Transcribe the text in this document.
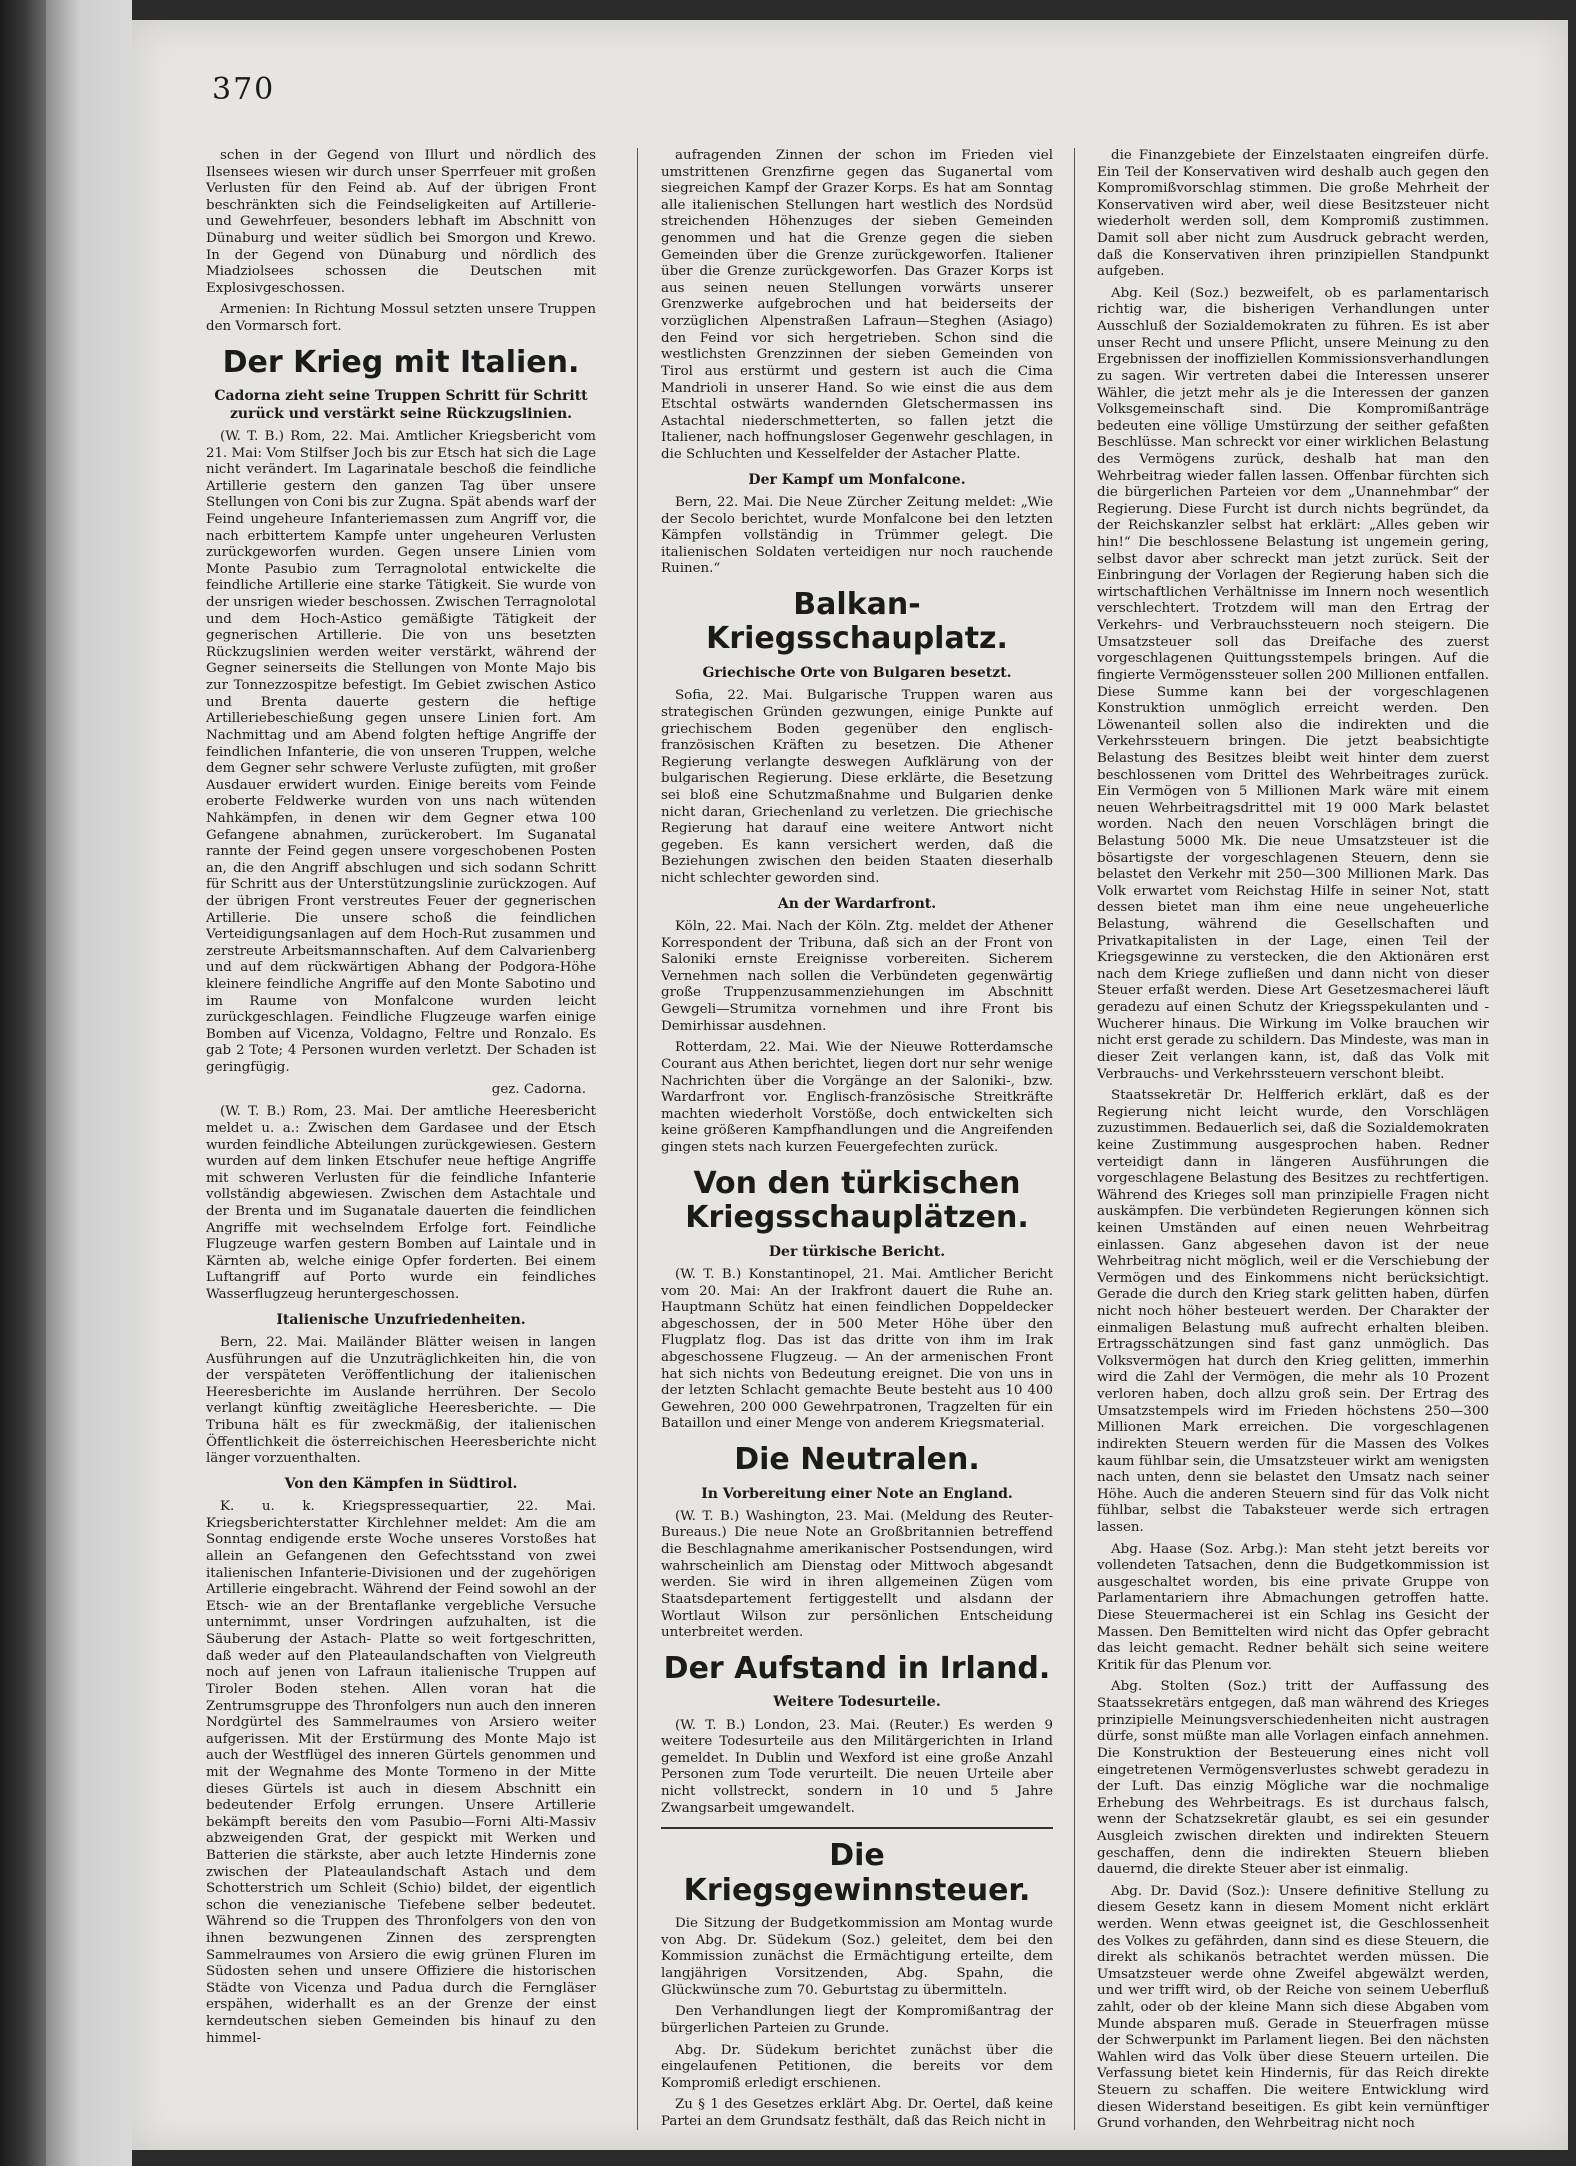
370

schen in der Gegend von Illurt und nördlich des Ilsensees wiesen wir durch unser Sperrfeuer mit großen Verlusten für den Feind ab. Auf der übrigen Front beschränkten sich die Feindseligkeiten auf Artillerie- und Gewehrfeuer, besonders lebhaft im Abschnitt von Dünaburg und weiter südlich bei Smorgon und Krewo. In der Gegend von Dünaburg und nördlich des Miadziolsees schossen die Deutschen mit Explosivgeschossen.

Armenien: In Richtung Mossul setzten unsere Truppen den Vormarsch fort.

Der Krieg mit Italien.
Cadorna zieht seine Truppen Schritt für Schritt zurück und verstärkt seine Rückzugslinien.

(W. T. B.) Rom, 22. Mai. Amtlicher Kriegsbericht vom 21. Mai: Vom Stilfser Joch bis zur Etsch hat sich die Lage nicht verändert. Im Lagarinatale beschoß die feindliche Artillerie gestern den ganzen Tag über unsere Stellungen von Coni bis zur Zugna. Spät abends warf der Feind ungeheure Infanteriemassen zum Angriff vor, die nach erbittertem Kampfe unter ungeheuren Verlusten zurückgeworfen wurden. Gegen unsere Linien vom Monte Pasubio zum Terragnolotal entwickelte die feindliche Artillerie eine starke Tätigkeit. Sie wurde von der unsrigen wieder beschossen. Zwischen Terragnolotal und dem Hoch-Astico gemäßigte Tätigkeit der gegnerischen Artillerie. Die von uns besetzten Rückzugslinien werden weiter verstärkt, während der Gegner seinerseits die Stellungen von Monte Majo bis zur Tonnezzospitze befestigt. Im Gebiet zwischen Astico und Brenta dauerte gestern die heftige Artilleriebeschießung gegen unsere Linien fort. Am Nachmittag und am Abend folgten heftige Angriffe der feindlichen Infanterie, die von unseren Truppen, welche dem Gegner sehr schwere Verluste zufügten, mit großer Ausdauer erwidert wurden. Einige bereits vom Feinde eroberte Feldwerke wurden von uns nach wütenden Nahkämpfen, in denen wir dem Gegner etwa 100 Gefangene abnahmen, zurückerobert. Im Suganatal rannte der Feind gegen unsere vorgeschobenen Posten an, die den Angriff abschlugen und sich sodann Schritt für Schritt aus der Unterstützungslinie zurückzogen. Auf der übrigen Front verstreutes Feuer der gegnerischen Artillerie. Die unsere schoß die feindlichen Verteidigungsanlagen auf dem Hoch-Rut zusammen und zerstreute Arbeitsmannschaften. Auf dem Calvarienberg und auf dem rückwärtigen Abhang der Podgora-Höhe kleinere feindliche Angriffe auf den Monte Sabotino und im Raume von Monfalcone wurden leicht zurückgeschlagen. Feindliche Flugzeuge warfen einige Bomben auf Vicenza, Voldagno, Feltre und Ronzalo. Es gab 2 Tote; 4 Personen wurden verletzt. Der Schaden ist geringfügig.

gez. Cadorna.

(W. T. B.) Rom, 23. Mai. Der amtliche Heeresbericht meldet u. a.: Zwischen dem Gardasee und der Etsch wurden feindliche Abteilungen zurückgewiesen. Gestern wurden auf dem linken Etschufer neue heftige Angriffe mit schweren Verlusten für die feindliche Infanterie vollständig abgewiesen. Zwischen dem Astachtale und der Brenta und im Suganatale dauerten die feindlichen Angriffe mit wechselndem Erfolge fort. Feindliche Flugzeuge warfen gestern Bomben auf Laintale und in Kärnten ab, welche einige Opfer forderten. Bei einem Luftangriff auf Porto wurde ein feindliches Wasserflugzeug heruntergeschossen.

Italienische Unzufriedenheiten.

Bern, 22. Mai. Mailänder Blätter weisen in langen Ausführungen auf die Unzuträglichkeiten hin, die von der verspäteten Veröffentlichung der italienischen Heeresberichte im Auslande herrühren. Der Secolo verlangt künftig zweitägliche Heeresberichte. — Die Tribuna hält es für zweckmäßig, der italienischen Öffentlichkeit die österreichischen Heeresberichte nicht länger vorzuenthalten.

Von den Kämpfen in Südtirol.

K. u. k. Kriegspressequartier, 22. Mai. Kriegsberichterstatter Kirchlehner meldet: Am die am Sonntag endigende erste Woche unseres Vorstoßes hat allein an Gefangenen den Gefechtsstand von zwei italienischen Infanterie-Divisionen und der zugehörigen Artillerie eingebracht. Während der Feind sowohl an der Etsch- wie an der Brentaflanke vergebliche Versuche unternimmt, unser Vordringen aufzuhalten, ist die Säuberung der Astach- Platte so weit fortgeschritten, daß weder auf den Plateaulandschaften von Vielgreuth noch auf jenen von Lafraun italienische Truppen auf Tiroler Boden stehen. Allen voran hat die Zentrumsgruppe des Thronfolgers nun auch den inneren Nordgürtel des Sammelraumes von Arsiero weiter aufgerissen. Mit der Erstürmung des Monte Majo ist auch der Westflügel des inneren Gürtels genommen und mit der Wegnahme des Monte Tormeno in der Mitte dieses Gürtels ist auch in diesem Abschnitt ein bedeutender Erfolg errungen. Unsere Artillerie bekämpft bereits den vom Pasubio—Forni Alti-Massiv abzweigenden Grat, der gespickt mit Werken und Batterien die stärkste, aber auch letzte Hindernis zone zwischen der Plateaulandschaft Astach und dem Schotterstrich um Schleit (Schio) bildet, der eigentlich schon die venezianische Tiefebene selber bedeutet. Während so die Truppen des Thronfolgers von den von ihnen bezwungenen Zinnen des zersprengten Sammelraumes von Arsiero die ewig grünen Fluren im Südosten sehen und unsere Offiziere die historischen Städte von Vicenza und Padua durch die Ferngläser erspähen, widerhallt es an der Grenze der einst kerndeutschen sieben Gemeinden bis hinauf zu den himmel-

aufragenden Zinnen der schon im Frieden viel umstrittenen Grenzfirne gegen das Suganertal vom siegreichen Kampf der Grazer Korps. Es hat am Sonntag alle italienischen Stellungen hart westlich des Nordsüd streichenden Höhenzuges der sieben Gemeinden genommen und hat die Grenze gegen die sieben Gemeinden über die Grenze zurückgeworfen. Italiener über die Grenze zurückgeworfen. Das Grazer Korps ist aus seinen neuen Stellungen vorwärts unserer Grenzwerke aufgebrochen und hat beiderseits der vorzüglichen Alpenstraßen Lafraun—Steghen (Asiago) den Feind vor sich hergetrieben. Schon sind die westlichsten Grenzzinnen der sieben Gemeinden von Tirol aus erstürmt und gestern ist auch die Cima Mandrioli in unserer Hand. So wie einst die aus dem Etschtal ostwärts wandernden Gletschermassen ins Astachtal niederschmetterten, so fallen jetzt die Italiener, nach hoffnungsloser Gegenwehr geschlagen, in die Schluchten und Kesselfelder der Astacher Platte.

Der Kampf um Monfalcone.

Bern, 22. Mai. Die Neue Zürcher Zeitung meldet: „Wie der Secolo berichtet, wurde Monfalcone bei den letzten Kämpfen vollständig in Trümmer gelegt. Die italienischen Soldaten verteidigen nur noch rauchende Ruinen.“

Balkan-Kriegsschauplatz.
Griechische Orte von Bulgaren besetzt.

Sofia, 22. Mai. Bulgarische Truppen waren aus strategischen Gründen gezwungen, einige Punkte auf griechischem Boden gegenüber den englisch-französischen Kräften zu besetzen. Die Athener Regierung verlangte deswegen Aufklärung von der bulgarischen Regierung. Diese erklärte, die Besetzung sei bloß eine Schutzmaßnahme und Bulgarien denke nicht daran, Griechenland zu verletzen. Die griechische Regierung hat darauf eine weitere Antwort nicht gegeben. Es kann versichert werden, daß die Beziehungen zwischen den beiden Staaten dieserhalb nicht schlechter geworden sind.

An der Wardarfront.

Köln, 22. Mai. Nach der Köln. Ztg. meldet der Athener Korrespondent der Tribuna, daß sich an der Front von Saloniki ernste Ereignisse vorbereiten. Sicherem Vernehmen nach sollen die Verbündeten gegenwärtig große Truppenzusammenziehungen im Abschnitt Gewgeli—Strumitza vornehmen und ihre Front bis Demirhissar ausdehnen.

Rotterdam, 22. Mai. Wie der Nieuwe Rotterdamsche Courant aus Athen berichtet, liegen dort nur sehr wenige Nachrichten über die Vorgänge an der Saloniki-, bzw. Wardarfront vor. Englisch-französische Streitkräfte machten wiederholt Vorstöße, doch entwickelten sich keine größeren Kampfhandlungen und die Angreifenden gingen stets nach kurzen Feuergefechten zurück.

Von den türkischen Kriegsschauplätzen.
Der türkische Bericht.

(W. T. B.) Konstantinopel, 21. Mai. Amtlicher Bericht vom 20. Mai: An der Irakfront dauert die Ruhe an. Hauptmann Schütz hat einen feindlichen Doppeldecker abgeschossen, der in 500 Meter Höhe über den Flugplatz flog. Das ist das dritte von ihm im Irak abgeschossene Flugzeug. — An der armenischen Front hat sich nichts von Bedeutung ereignet. Die von uns in der letzten Schlacht gemachte Beute besteht aus 10 400 Gewehren, 200 000 Gewehrpatronen, Tragzelten für ein Bataillon und einer Menge von anderem Kriegsmaterial.

Die Neutralen.
In Vorbereitung einer Note an England.

(W. T. B.) Washington, 23. Mai. (Meldung des Reuter-Bureaus.) Die neue Note an Großbritannien betreffend die Beschlagnahme amerikanischer Postsendungen, wird wahrscheinlich am Dienstag oder Mittwoch abgesandt werden. Sie wird in ihren allgemeinen Zügen vom Staatsdepartement fertiggestellt und alsdann der Wortlaut Wilson zur persönlichen Entscheidung unterbreitet werden.

Der Aufstand in Irland.
Weitere Todesurteile.

(W. T. B.) London, 23. Mai. (Reuter.) Es werden 9 weitere Todesurteile aus den Militärgerichten in Irland gemeldet. In Dublin und Wexford ist eine große Anzahl Personen zum Tode verurteilt. Die neuen Urteile aber nicht vollstreckt, sondern in 10 und 5 Jahre Zwangsarbeit umgewandelt.

Die Kriegsgewinnsteuer.

Die Sitzung der Budgetkommission am Montag wurde von Abg. Dr. Südekum (Soz.) geleitet, dem bei den Kommission zunächst die Ermächtigung erteilte, dem langjährigen Vorsitzenden, Abg. Spahn, die Glückwünsche zum 70. Geburtstag zu übermitteln.

Den Verhandlungen liegt der Kompromißantrag der bürgerlichen Parteien zu Grunde.

Abg. Dr. Südekum berichtet zunächst über die eingelaufenen Petitionen, die bereits vor dem Kompromiß erledigt erschienen.

Zu § 1 des Gesetzes erklärt Abg. Dr. Oertel, daß keine Partei an dem Grundsatz festhält, daß das Reich nicht in

die Finanzgebiete der Einzelstaaten eingreifen dürfe. Ein Teil der Konservativen wird deshalb auch gegen den Kompromißvorschlag stimmen. Die große Mehrheit der Konservativen wird aber, weil diese Besitzsteuer nicht wiederholt werden soll, dem Kompromiß zustimmen. Damit soll aber nicht zum Ausdruck gebracht werden, daß die Konservativen ihren prinzipiellen Standpunkt aufgeben.

Abg. Keil (Soz.) bezweifelt, ob es parlamentarisch richtig war, die bisherigen Verhandlungen unter Ausschluß der Sozialdemokraten zu führen. Es ist aber unser Recht und unsere Pflicht, unsere Meinung zu den Ergebnissen der inoffiziellen Kommissionsverhandlungen zu sagen. Wir vertreten dabei die Interessen unserer Wähler, die jetzt mehr als je die Interessen der ganzen Volksgemeinschaft sind. Die Kompromißanträge bedeuten eine völlige Umstürzung der seither gefaßten Beschlüsse. Man schreckt vor einer wirklichen Belastung des Vermögens zurück, deshalb hat man den Wehrbeitrag wieder fallen lassen. Offenbar fürchten sich die bürgerlichen Parteien vor dem „Unannehmbar“ der Regierung. Diese Furcht ist durch nichts begründet, da der Reichskanzler selbst hat erklärt: „Alles geben wir hin!“ Die beschlossene Belastung ist ungemein gering, selbst davor aber schreckt man jetzt zurück. Seit der Einbringung der Vorlagen der Regierung haben sich die wirtschaftlichen Verhältnisse im Innern noch wesentlich verschlechtert. Trotzdem will man den Ertrag der Verkehrs- und Verbrauchssteuern noch steigern. Die Umsatzsteuer soll das Dreifache des zuerst vorgeschlagenen Quittungsstempels bringen. Auf die fingierte Vermögenssteuer sollen 200 Millionen entfallen. Diese Summe kann bei der vorgeschlagenen Konstruktion unmöglich erreicht werden. Den Löwenanteil sollen also die indirekten und die Verkehrssteuern bringen. Die jetzt beabsichtigte Belastung des Besitzes bleibt weit hinter dem zuerst beschlossenen vom Drittel des Wehrbeitrages zurück. Ein Vermögen von 5 Millionen Mark wäre mit einem neuen Wehrbeitragsdrittel mit 19 000 Mark belastet worden. Nach den neuen Vorschlägen bringt die Belastung 5000 Mk. Die neue Umsatzsteuer ist die bösartigste der vorgeschlagenen Steuern, denn sie belastet den Verkehr mit 250—300 Millionen Mark. Das Volk erwartet vom Reichstag Hilfe in seiner Not, statt dessen bietet man ihm eine neue ungeheuerliche Belastung, während die Gesellschaften und Privatkapitalisten in der Lage, einen Teil der Kriegsgewinne zu verstecken, die den Aktionären erst nach dem Kriege zufließen und dann nicht von dieser Steuer erfaßt werden. Diese Art Gesetzesmacherei läuft geradezu auf einen Schutz der Kriegsspekulanten und -Wucherer hinaus. Die Wirkung im Volke brauchen wir nicht erst gerade zu schildern. Das Mindeste, was man in dieser Zeit verlangen kann, ist, daß das Volk mit Verbrauchs- und Verkehrssteuern verschont bleibt.

Staatssekretär Dr. Helfferich erklärt, daß es der Regierung nicht leicht wurde, den Vorschlägen zuzustimmen. Bedauerlich sei, daß die Sozialdemokraten keine Zustimmung ausgesprochen haben. Redner verteidigt dann in längeren Ausführungen die vorgeschlagene Belastung des Besitzes zu rechtfertigen. Während des Krieges soll man prinzipielle Fragen nicht auskämpfen. Die verbündeten Regierungen können sich keinen Umständen auf einen neuen Wehrbeitrag einlassen. Ganz abgesehen davon ist der neue Wehrbeitrag nicht möglich, weil er die Verschiebung der Vermögen und des Einkommens nicht berücksichtigt. Gerade die durch den Krieg stark gelitten haben, dürfen nicht noch höher besteuert werden. Der Charakter der einmaligen Belastung muß aufrecht erhalten bleiben. Ertragsschätzungen sind fast ganz unmöglich. Das Volksvermögen hat durch den Krieg gelitten, immerhin wird die Zahl der Vermögen, die mehr als 10 Prozent verloren haben, doch allzu groß sein. Der Ertrag des Umsatzstempels wird im Frieden höchstens 250—300 Millionen Mark erreichen. Die vorgeschlagenen indirekten Steuern werden für die Massen des Volkes kaum fühlbar sein, die Umsatzsteuer wirkt am wenigsten nach unten, denn sie belastet den Umsatz nach seiner Höhe. Auch die anderen Steuern sind für das Volk nicht fühlbar, selbst die Tabaksteuer werde sich ertragen lassen.

Abg. Haase (Soz. Arbg.): Man steht jetzt bereits vor vollendeten Tatsachen, denn die Budgetkommission ist ausgeschaltet worden, bis eine private Gruppe von Parlamentariern ihre Abmachungen getroffen hatte. Diese Steuermacherei ist ein Schlag ins Gesicht der Massen. Den Bemittelten wird nicht das Opfer gebracht das leicht gemacht. Redner behält sich seine weitere Kritik für das Plenum vor.

Abg. Stolten (Soz.) tritt der Auffassung des Staatssekretärs entgegen, daß man während des Krieges prinzipielle Meinungsverschiedenheiten nicht austragen dürfe, sonst müßte man alle Vorlagen einfach annehmen. Die Konstruktion der Besteuerung eines nicht voll eingetretenen Vermögensverlustes schwebt geradezu in der Luft. Das einzig Mögliche war die nochmalige Erhebung des Wehrbeitrags. Es ist durchaus falsch, wenn der Schatzsekretär glaubt, es sei ein gesunder Ausgleich zwischen direkten und indirekten Steuern geschaffen, denn die indirekten Steuern blieben dauernd, die direkte Steuer aber ist einmalig.

Abg. Dr. David (Soz.): Unsere definitive Stellung zu diesem Gesetz kann in diesem Moment nicht erklärt werden. Wenn etwas geeignet ist, die Geschlossenheit des Volkes zu gefährden, dann sind es diese Steuern, die direkt als schikanös betrachtet werden müssen. Die Umsatzsteuer werde ohne Zweifel abgewälzt werden, und wer trifft wird, ob der Reiche von seinem Ueberfluß zahlt, oder ob der kleine Mann sich diese Abgaben vom Munde absparen muß. Gerade in Steuerfragen müsse der Schwerpunkt im Parlament liegen. Bei den nächsten Wahlen wird das Volk über diese Steuern urteilen. Die Verfassung bietet kein Hindernis, für das Reich direkte Steuern zu schaffen. Die weitere Entwicklung wird diesen Widerstand beseitigen. Es gibt kein vernünftiger Grund vorhanden, den Wehrbeitrag nicht noch
